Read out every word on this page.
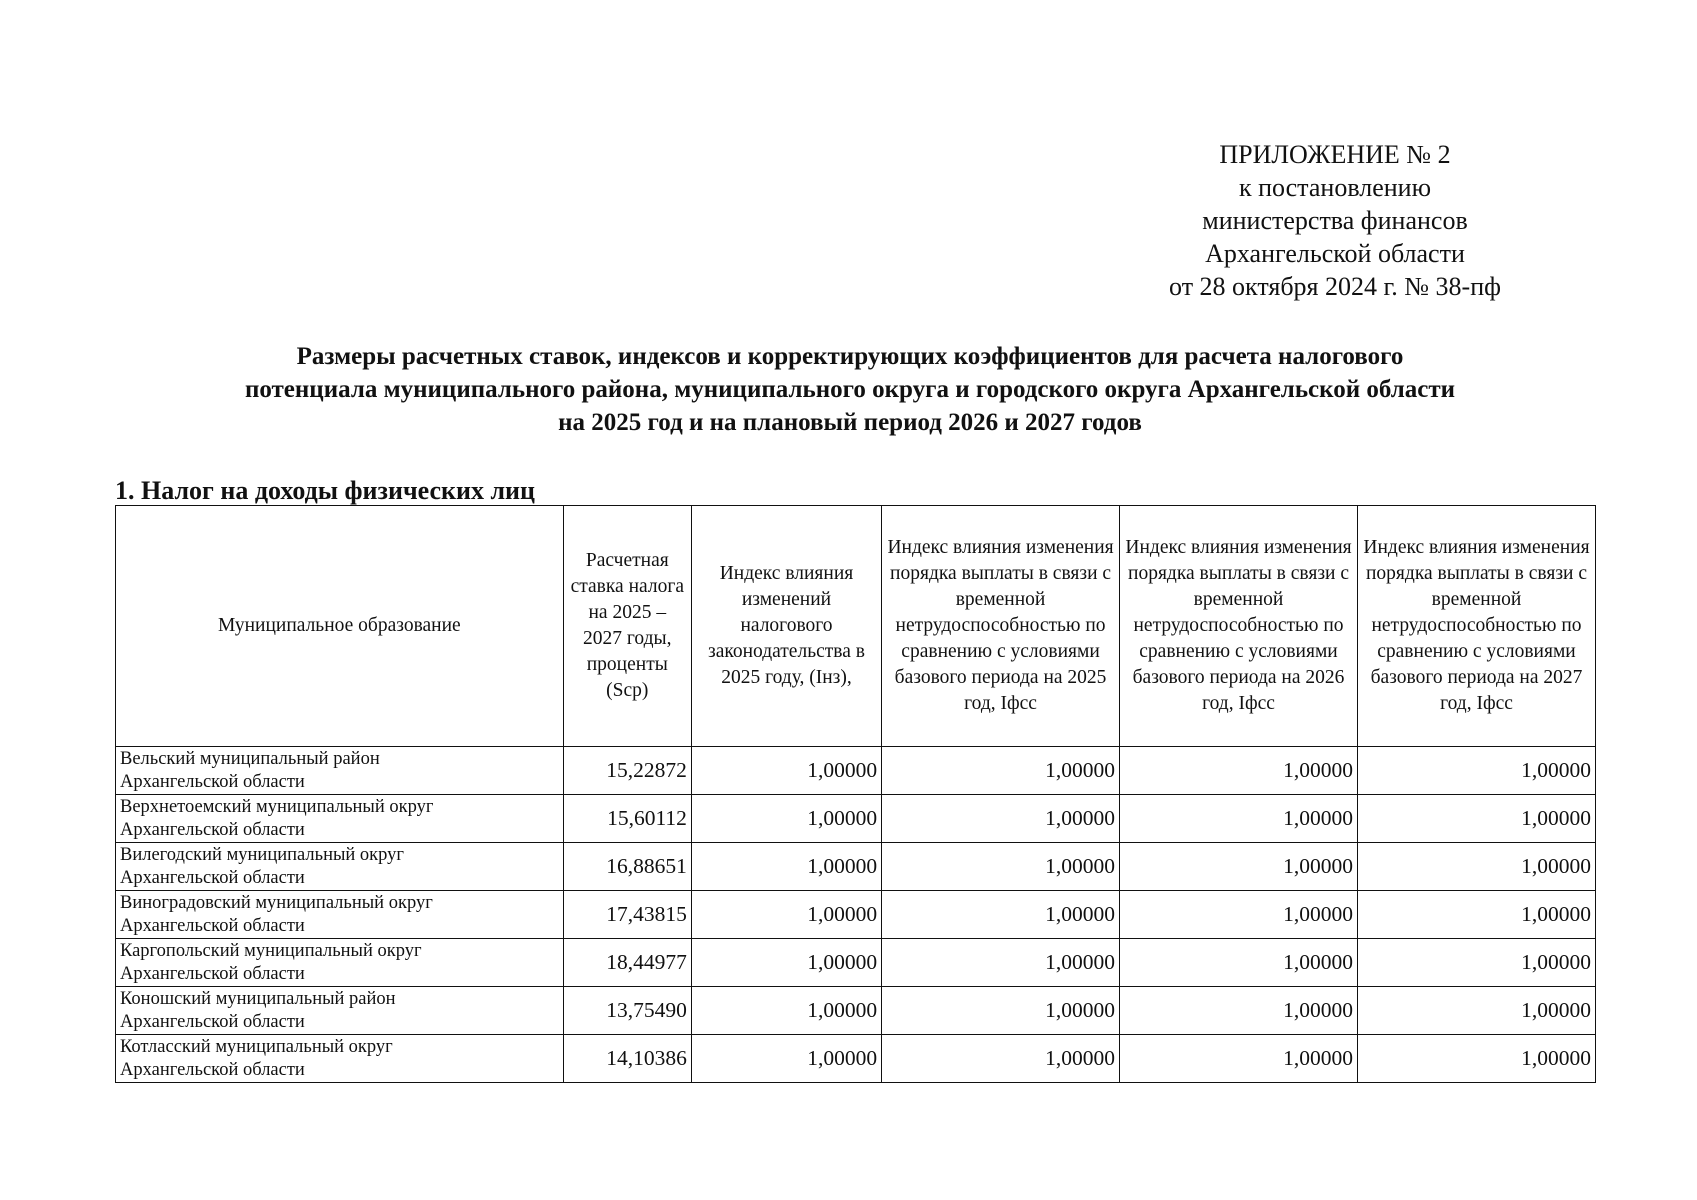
ПРИЛОЖЕНИЕ № 2
к постановлению
министерства финансов
Архангельской области
от 28 октября 2024 г. № 38-пф
Размеры расчетных ставок, индексов и корректирующих коэффициентов для расчета налогового
потенциала муниципального района, муниципального округа и городского округа Архангельской области
на 2025 год и на плановый период 2026 и 2027 годов
1. Налог на доходы физических лиц
Муниципальное образование	Расчетная ставка налога на 2025 – 2027 годы, проценты (Scp)	Индекс влияния изменений налогового законодательства в 2025 году, (Інз),	Индекс влияния изменения порядка выплаты в связи с временной нетрудоспособностью по сравнению с условиями базового периода на 2025 год, Іфсс	Индекс влияния изменения порядка выплаты в связи с временной нетрудоспособностью по сравнению с условиями базового периода на 2026 год, Іфсс	Индекс влияния изменения порядка выплаты в связи с временной нетрудоспособностью по сравнению с условиями базового периода на 2027 год, Іфсс

Вельский муниципальный район
Архангельской области	15,22872	1,00000	1,00000	1,00000	1,00000

Верхнетоемский муниципальный округ
Архангельской области	15,60112	1,00000	1,00000	1,00000	1,00000

Вилегодский муниципальный округ
Архангельской области	16,88651	1,00000	1,00000	1,00000	1,00000

Виноградовский муниципальный округ
Архангельской области	17,43815	1,00000	1,00000	1,00000	1,00000

Каргопольский муниципальный округ
Архангельской области	18,44977	1,00000	1,00000	1,00000	1,00000

Коношский муниципальный район
Архангельской области	13,75490	1,00000	1,00000	1,00000	1,00000

Котласский муниципальный округ
Архангельской области	14,10386	1,00000	1,00000	1,00000	1,00000
